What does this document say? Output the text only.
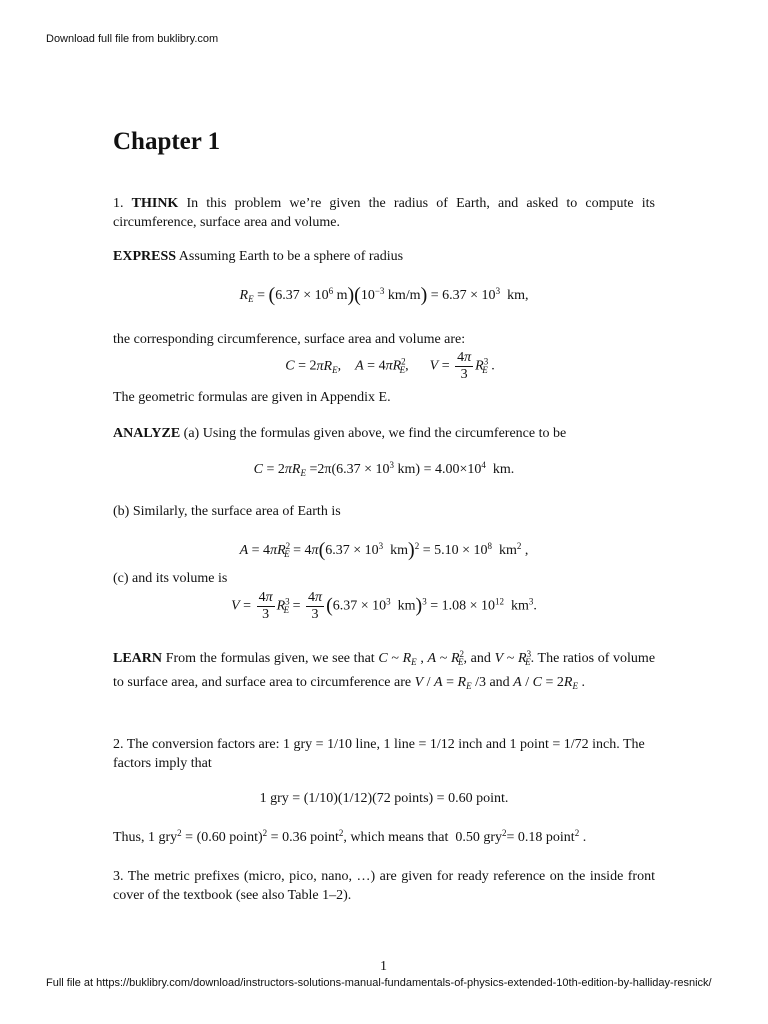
Download full file from buklibry.com
Chapter 1
1. THINK In this problem we’re given the radius of Earth, and asked to compute its circumference, surface area and volume.
EXPRESS Assuming Earth to be a sphere of radius
$R_E = (6.37 \times 10^6$ $m)(10^{-3}$ $km/m) = 6.37 \times 10^3$ km,
the corresponding circumference, surface area and volume are:
$C = 2\pi R_E$,    $A = 4\pi R^2_E$,      $V = \frac{4\pi}{3} R^3_E$ .
The geometric formulas are given in Appendix E.
ANALYZE (a) Using the formulas given above, we find the circumference to be
$C = 2\pi R_E =2\pi(6.37 \times 10^3$ $km) = 4.00\times 10^4$ km.
(b) Similarly, the surface area of Earth is
$A = 4\pi R^2_E = 4\pi(6.37 \times 10^3$  $km)^2 = 5.10 \times 10^8$ $km^2$ ,
(c) and its volume is
$V = \frac{4\pi}{3} R^3_E = \frac{4\pi}{3} (6.37 \times 10^3$  $km)^3 = 1.08 \times 10^{12}$ $km^3$.
LEARN From the formulas given, we see that C ~ $R_E$ , A ~ $R^2_E$, and V ~ $R^3_E$. The ratios of volume to surface area, and surface area to circumference are $V / A = R_E$ /3 and $A / C = 2R_E$ .
2. The conversion factors are: 1 gry = 1/10 line, 1 line = 1/12 inch and 1 point = 1/72 inch. The factors imply that
1 gry = (1/10)(1/12)(72 points) = 0.60 point.
Thus, 1 gry$^2$ = (0.60 point)$^2$ = 0.36 point$^2$, which means that  0.50 gry$^2$= 0.18 point$^2$ .
3. The metric prefixes (micro, pico, nano, …) are given for ready reference on the inside front cover of the textbook (see also Table 1–2).
1
Full file at https://buklibry.com/download/instructors-solutions-manual-fundamentals-of-physics-extended-10th-edition-by-halliday-resnick/
